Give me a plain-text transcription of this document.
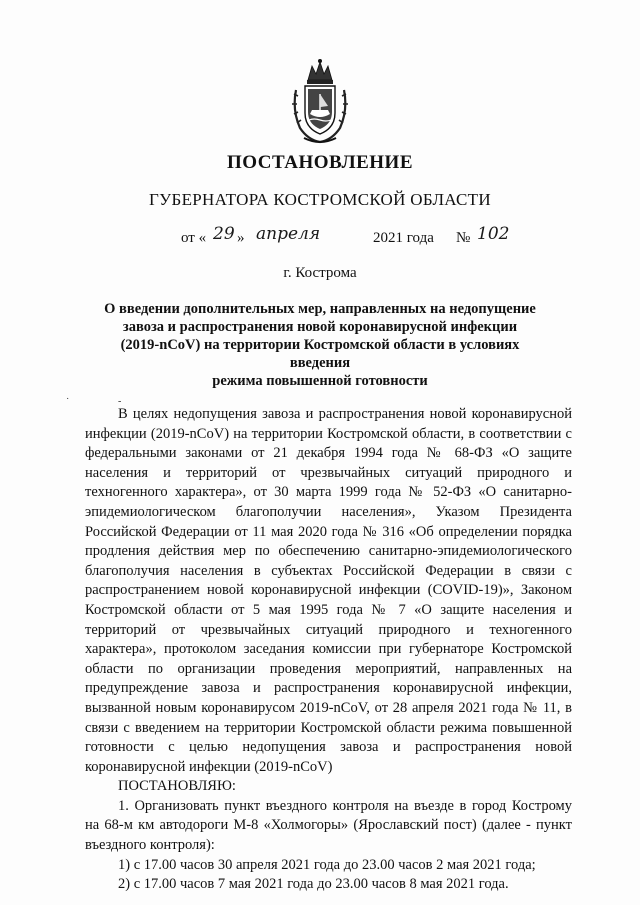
ПОСТАНОВЛЕНИЕ
ГУБЕРНАТОРА КОСТРОМСКОЙ ОБЛАСТИ
от « 29 » апреля	2021 года № 102
г. Кострома
О введении дополнительных мер, направленных на недопущение
завоза и распространения новой коронавирусной инфекции
(2019-nCoV) на территории Костромской области в условиях введения
режима повышенной готовности
˙	-

В целях недопущения завоза и распространения новой коронавирусной инфекции (2019-nCoV) на территории Костромской области, в соответствии с федеральными законами от 21 декабря 1994 года № 68-ФЗ «О защите населения и территорий от чрезвычайных ситуаций природного и техногенного характера», от 30 марта 1999 года № 52-ФЗ «О санитарно-эпидемиологическом благополучии населения», Указом Президента Российской Федерации от 11 мая 2020 года № 316 «Об определении порядка продления действия мер по обеспечению санитарно-эпидемиологического благополучия населения в субъектах Российской Федерации в связи с распространением новой коронавирусной инфекции (COVID-19)», Законом Костромской области от 5 мая 1995 года № 7 «О защите населения и территорий от чрезвычайных ситуаций природного и техногенного характера», протоколом заседания комиссии при губернаторе Костромской области по организации проведения мероприятий, направленных на предупреждение завоза и распространения коронавирусной инфекции, вызванной новым коронавирусом 2019-nCoV, от 28 апреля 2021 года № 11, в связи с введением на территории Костромской области режима повышенной готовности с целью недопущения завоза и распространения новой коронавирусной инфекции (2019-nCoV)

ПОСТАНОВЛЯЮ:

1. Организовать пункт въездного контроля на въезде в город Кострому на 68-м км автодороги М-8 «Холмогоры» (Ярославский пост) (далее - пункт въездного контроля):

1) с 17.00 часов 30 апреля 2021 года до 23.00 часов 2 мая 2021 года;

2) с 17.00 часов 7 мая 2021 года до 23.00 часов 8 мая 2021 года.
